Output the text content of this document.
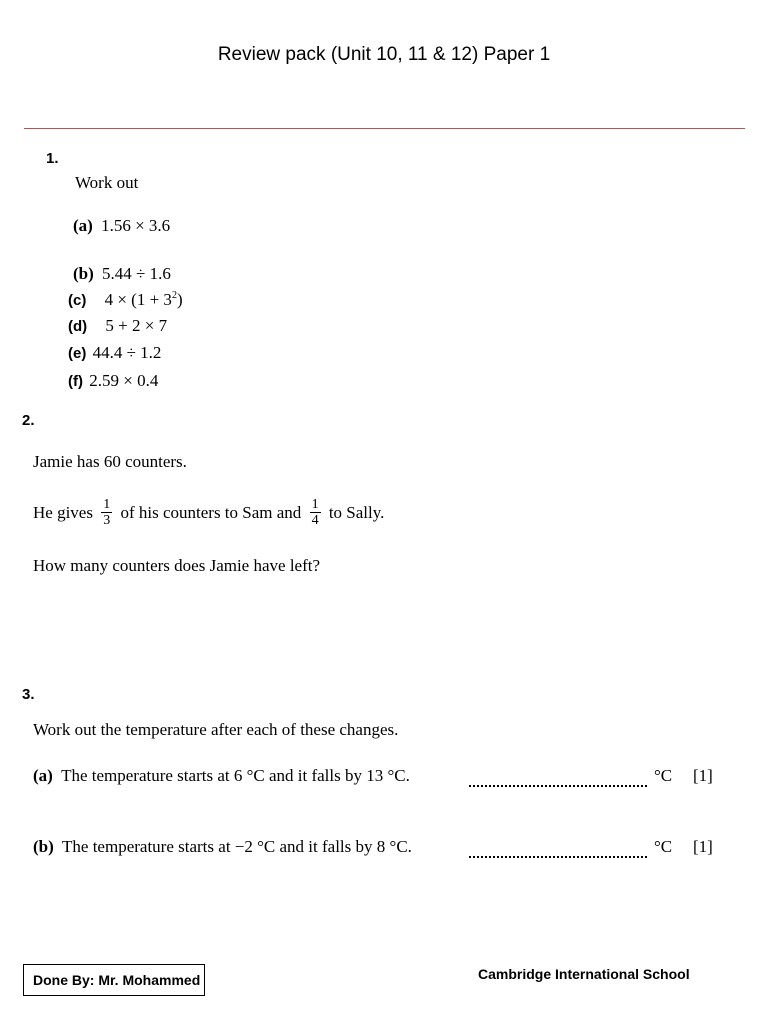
Review pack (Unit 10, 11 & 12) Paper 1
1.
Work out
(a) 1.56 × 3.6
(b) 5.44 ÷ 1.6
(c) $4 \times (1 + 3^2)$
(d) 5 + 2 × 7
(e) 44.4 ÷ 1.2
(f) 2.59 × 0.4
2.
Jamie has 60 counters.
He gives $\frac{1}{3}$ of his counters to Sam and $\frac{1}{4}$ to Sally.
How many counters does Jamie have left?
3.
Work out the temperature after each of these changes.
(a) The temperature starts at 6 °C and it falls by 13 °C.	°C [1]
(b) The temperature starts at −2 °C and it falls by 8 °C.	°C [1]
Done By: Mr. Mohammed	Cambridge International School
